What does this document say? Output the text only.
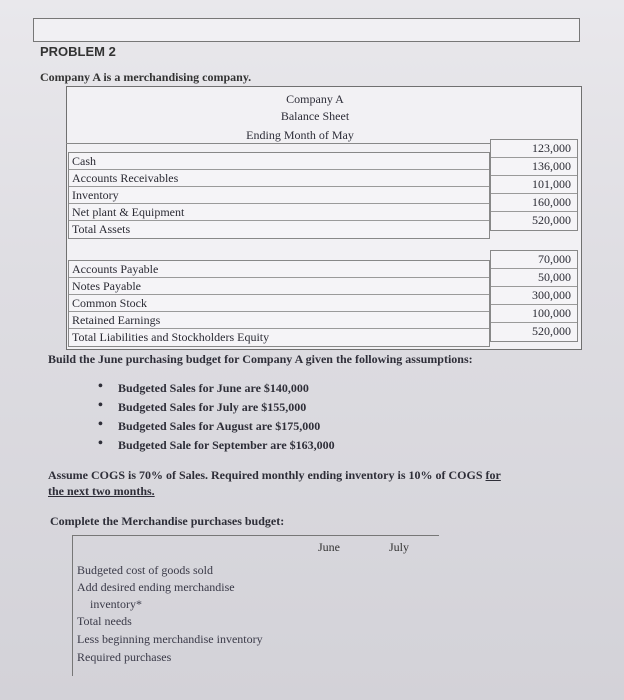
PROBLEM 2
Company A is a merchandising company.
Company A
Balance Sheet
Ending Month of May
Cash
Accounts Receivables
Inventory
Net plant & Equipment
Total Assets
123,000
136,000
101,000
160,000
520,000
Accounts Payable
Notes Payable
Common Stock
Retained Earnings
Total Liabilities and Stockholders Equity
70,000
50,000
300,000
100,000
520,000
Build the June purchasing budget for Company A given the following assumptions:
• Budgeted Sales for June are $140,000
• Budgeted Sales for July are $155,000
• Budgeted Sales for August are $175,000
• Budgeted Sale for September are $163,000
Assume COGS is 70% of Sales. Required monthly ending inventory is 10% of COGS for
the next two months.
Complete the Merchandise purchases budget:
June	July
Budgeted cost of goods sold
Add desired ending merchandise
inventory*
Total needs
Less beginning merchandise inventory
Required purchases
